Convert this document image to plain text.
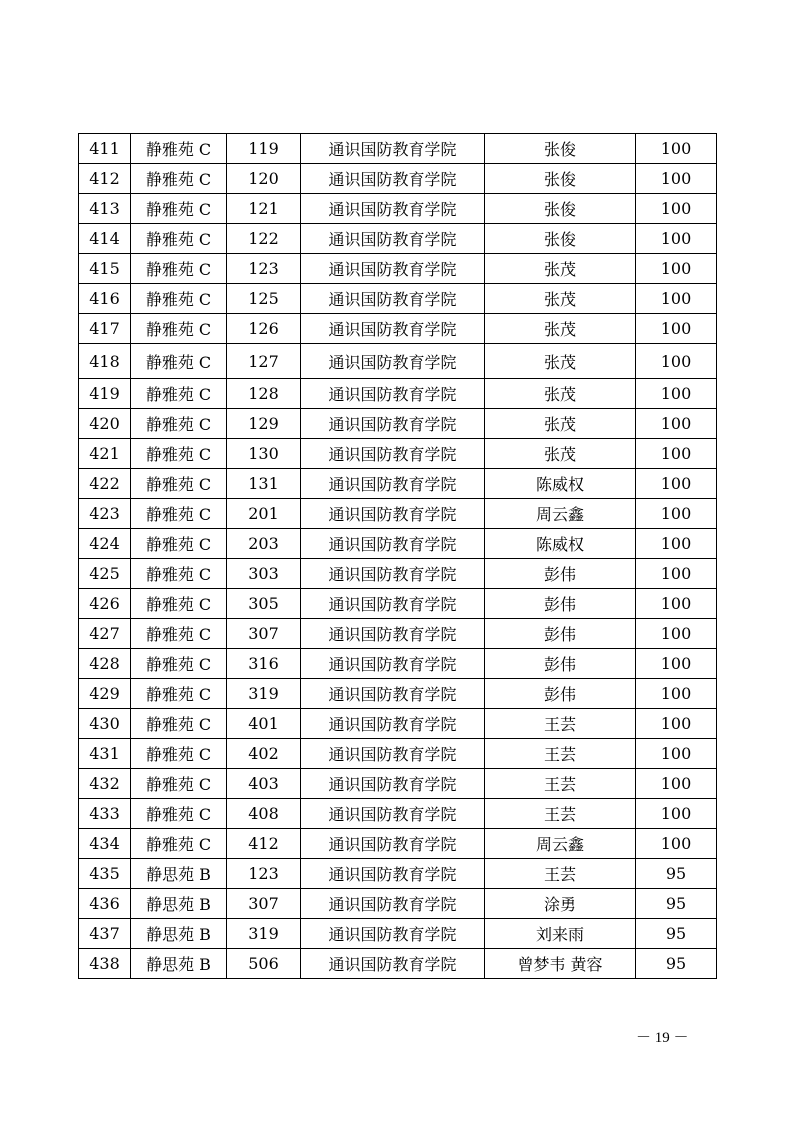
411	静雅苑 C	119	通识国防教育学院	张俊	100
412	静雅苑 C	120	通识国防教育学院	张俊	100
413	静雅苑 C	121	通识国防教育学院	张俊	100
414	静雅苑 C	122	通识国防教育学院	张俊	100
415	静雅苑 C	123	通识国防教育学院	张茂	100
416	静雅苑 C	125	通识国防教育学院	张茂	100
417	静雅苑 C	126	通识国防教育学院	张茂	100
418	静雅苑 C	127	通识国防教育学院	张茂	100
419	静雅苑 C	128	通识国防教育学院	张茂	100
420	静雅苑 C	129	通识国防教育学院	张茂	100
421	静雅苑 C	130	通识国防教育学院	张茂	100
422	静雅苑 C	131	通识国防教育学院	陈威权	100
423	静雅苑 C	201	通识国防教育学院	周云鑫	100
424	静雅苑 C	203	通识国防教育学院	陈威权	100
425	静雅苑 C	303	通识国防教育学院	彭伟	100
426	静雅苑 C	305	通识国防教育学院	彭伟	100
427	静雅苑 C	307	通识国防教育学院	彭伟	100
428	静雅苑 C	316	通识国防教育学院	彭伟	100
429	静雅苑 C	319	通识国防教育学院	彭伟	100
430	静雅苑 C	401	通识国防教育学院	王芸	100
431	静雅苑 C	402	通识国防教育学院	王芸	100
432	静雅苑 C	403	通识国防教育学院	王芸	100
433	静雅苑 C	408	通识国防教育学院	王芸	100
434	静雅苑 C	412	通识国防教育学院	周云鑫	100
435	静思苑 B	123	通识国防教育学院	王芸	95
436	静思苑 B	307	通识国防教育学院	涂勇	95
437	静思苑 B	319	通识国防教育学院	刘来雨	95
438	静思苑 B	506	通识国防教育学院	曾梦韦 黄容	95
－ 19 －
